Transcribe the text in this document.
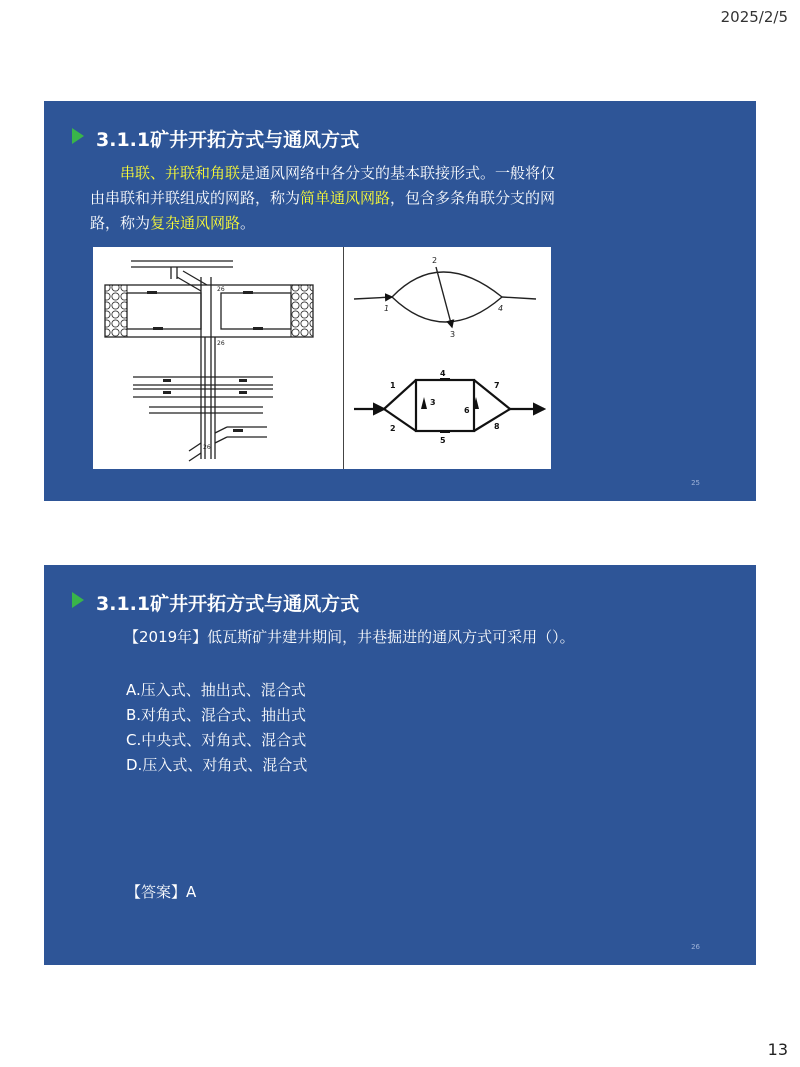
2025/2/5
3.1.1矿井开拓方式与通风方式
串联、并联和角联是通风网络中各分支的基本联接形式。一般将仅由串联和并联组成的网路，称为简单通风网路，包含多条角联分支的网路，称为复杂通风网路。
26
26
26
1
2
3
4
1
2
3
4
5
6
7
8
25
3.1.1矿井开拓方式与通风方式
【2019年】低瓦斯矿井建井期间，井巷掘进的通风方式可采用（）。
A.压入式、抽出式、混合式
B.对角式、混合式、抽出式
C.中央式、对角式、混合式
D.压入式、对角式、混合式
【答案】A
26
13
